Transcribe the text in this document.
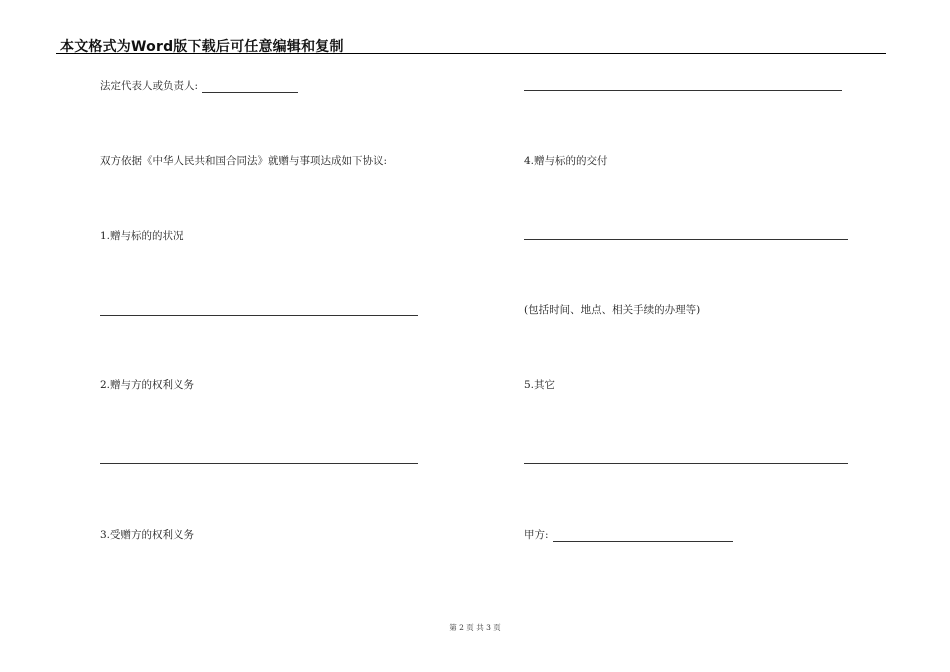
本文格式为Word版下载后可任意编辑和复制
法定代表人或负责人:
双方依据《中华人民共和国合同法》就赠与事项达成如下协议:
1.赠与标的的状况
2.赠与方的权利义务
3.受赠方的权利义务
4.赠与标的的交付
(包括时间、地点、相关手续的办理等)
5.其它
甲方:
第 2 页 共 3 页
